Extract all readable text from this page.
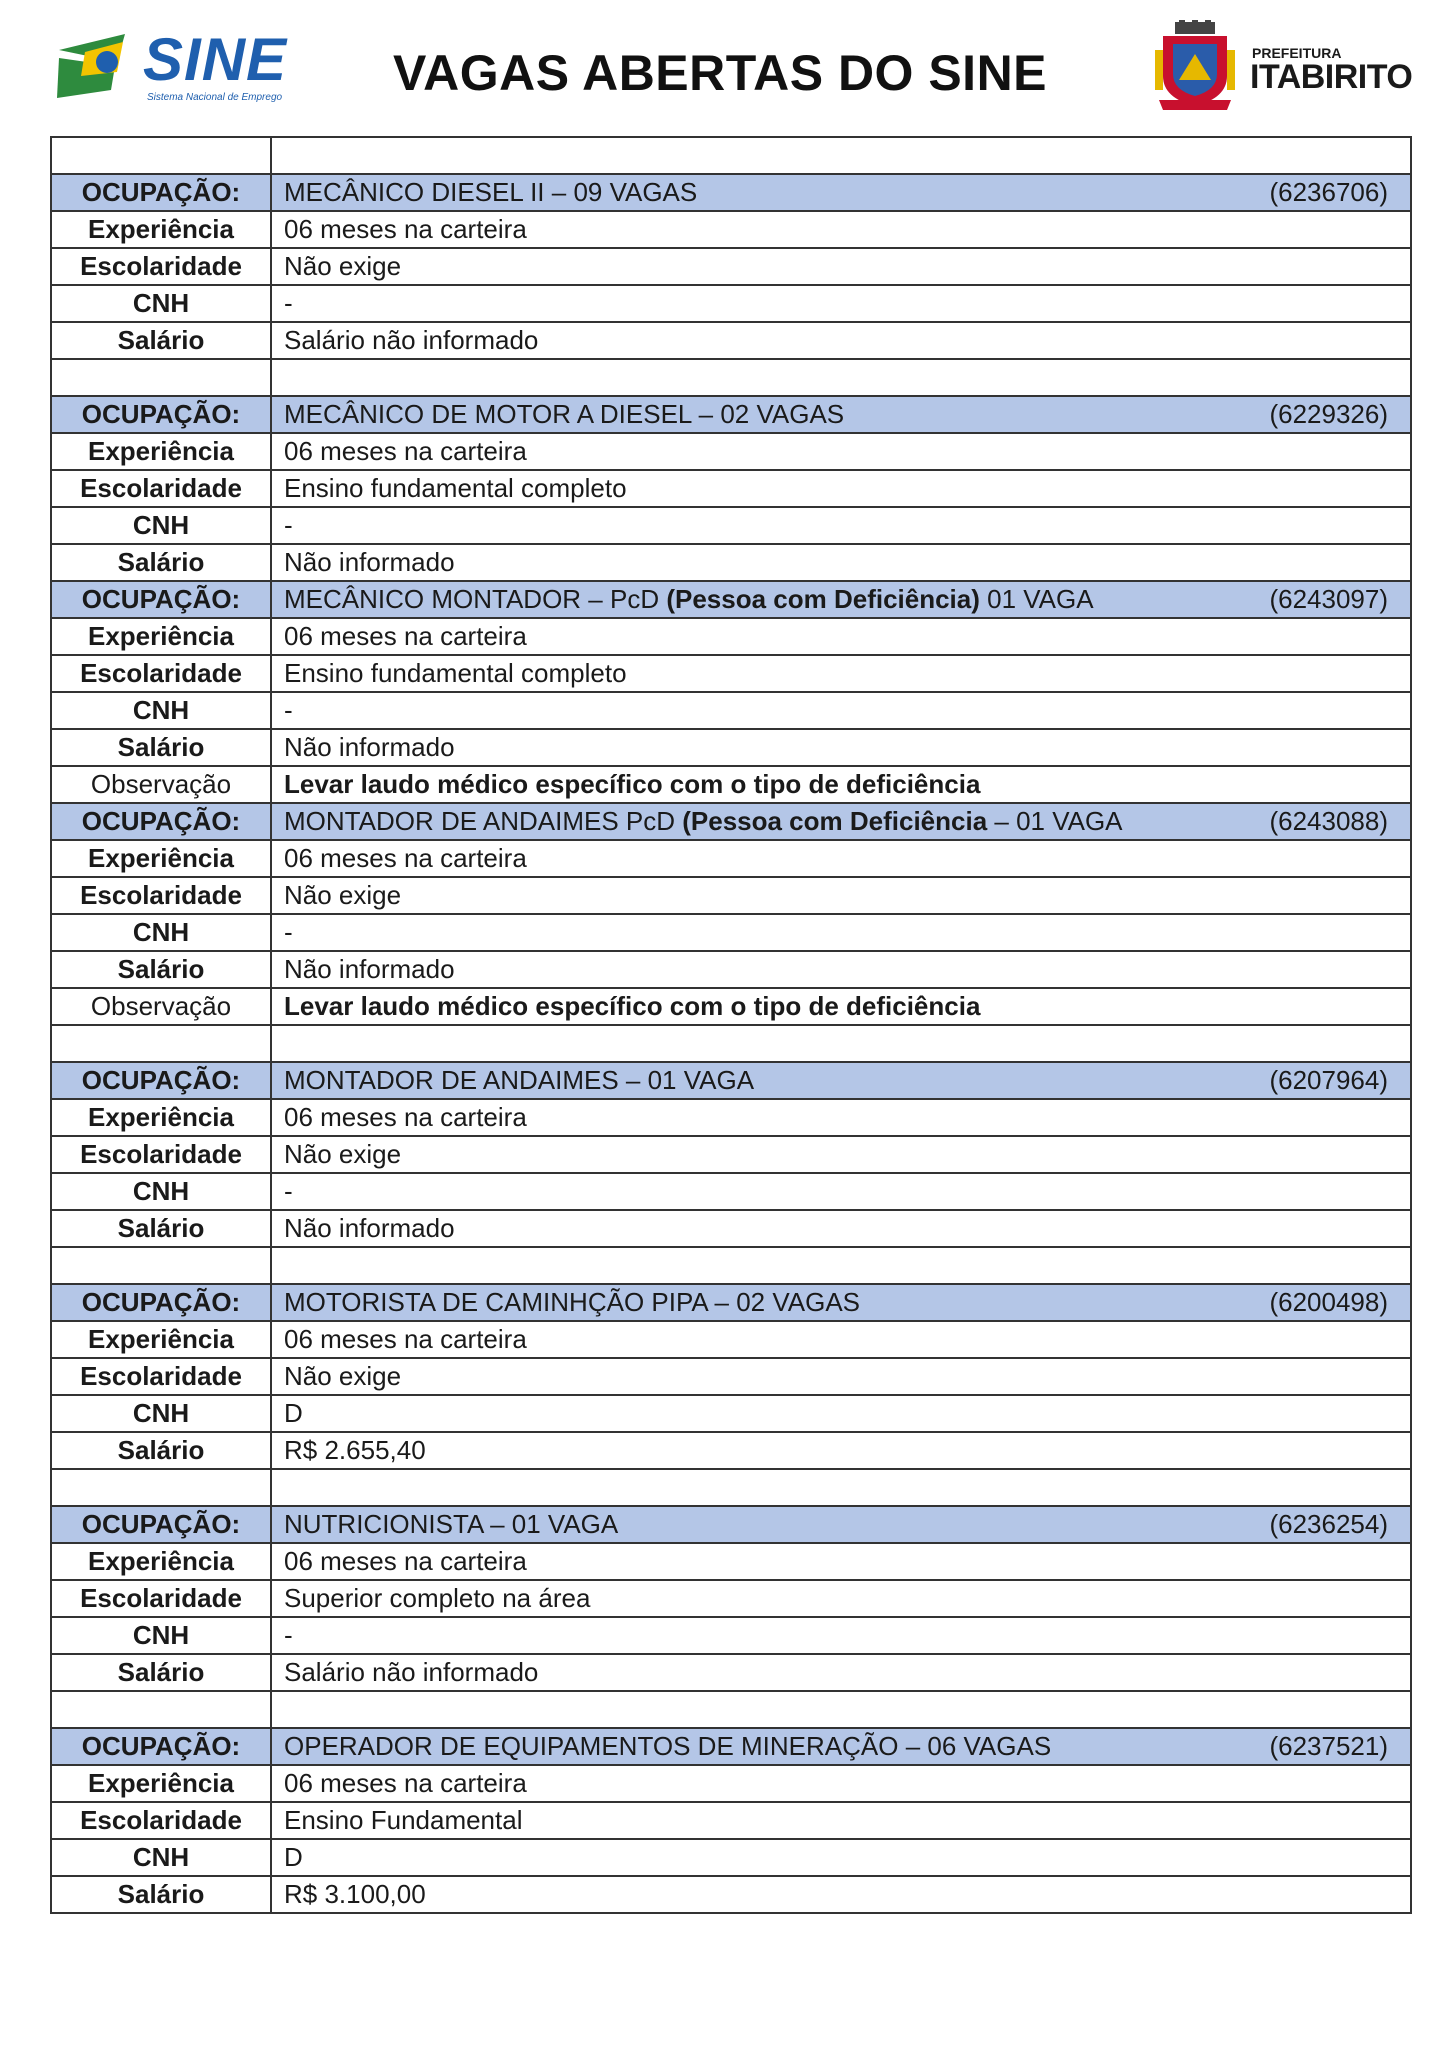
SINE
Sistema Nacional de Emprego VAGAS ABERTAS DO SINE	PREFEITURA
ITABIRITO

OCUPAÇÃO:	MECÂNICO DIESEL II – 09 VAGAS (6236706)

Experiência	06 meses na carteira
Escolaridade	Não exige
CNH	-
Salário	Salário não informado

OCUPAÇÃO:	MECÂNICO DE MOTOR A DIESEL – 02 VAGAS (6229326)

Experiência	06 meses na carteira
Escolaridade	Ensino fundamental completo
CNH	-
Salário	Não informado
OCUPAÇÃO:	MECÂNICO MONTADOR – PcD (Pessoa com Deficiência) 01 VAGA (6243097)

Experiência	06 meses na carteira
Escolaridade	Ensino fundamental completo
CNH	-
Salário	Não informado
Observação	Levar laudo médico específico com o tipo de deficiência
OCUPAÇÃO:	MONTADOR DE ANDAIMES PcD (Pessoa com Deficiência – 01 VAGA (6243088)

Experiência	06 meses na carteira
Escolaridade	Não exige
CNH	-
Salário	Não informado
Observação	Levar laudo médico específico com o tipo de deficiência

OCUPAÇÃO:	MONTADOR DE ANDAIMES – 01 VAGA (6207964)

Experiência	06 meses na carteira
Escolaridade	Não exige
CNH	-
Salário	Não informado

OCUPAÇÃO:	MOTORISTA DE CAMINHÇÃO PIPA – 02 VAGAS (6200498)

Experiência	06 meses na carteira
Escolaridade	Não exige
CNH	D
Salário	R$ 2.655,40

OCUPAÇÃO:	NUTRICIONISTA – 01 VAGA (6236254)

Experiência	06 meses na carteira
Escolaridade	Superior completo na área
CNH	-
Salário	Salário não informado

OCUPAÇÃO:	OPERADOR DE EQUIPAMENTOS DE MINERAÇÃO – 06 VAGAS (6237521)

Experiência	06 meses na carteira
Escolaridade	Ensino Fundamental
CNH	D
Salário	R$ 3.100,00
